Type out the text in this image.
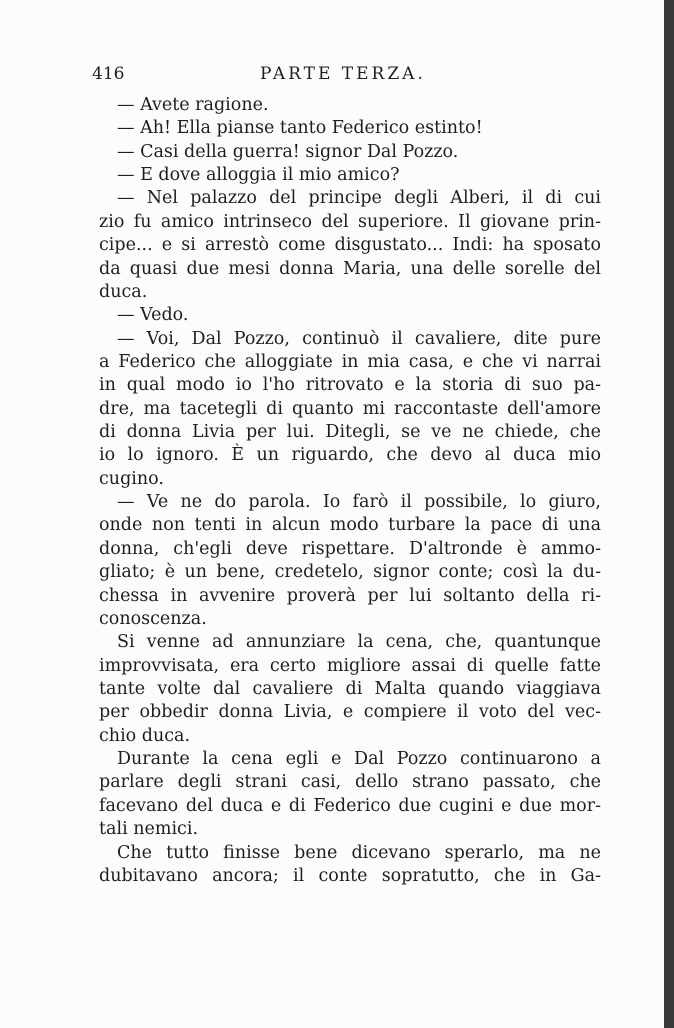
416	PARTE TERZA.
— Avete ragione.
— Ah! Ella pianse tanto Federico estinto!
— Casi della guerra! signor Dal Pozzo.
— E dove alloggia il mio amico?
— Nel palazzo del principe degli Alberi, il di cui
zio fu amico intrinseco del superiore. Il giovane prin-
cipe... e si arrestò come disgustato... Indi: ha sposato
da quasi due mesi donna Maria, una delle sorelle del
duca.
— Vedo.
— Voi, Dal Pozzo, continuò il cavaliere, dite pure
a Federico che alloggiate in mia casa, e che vi narrai
in qual modo io l'ho ritrovato e la storia di suo pa-
dre, ma tacetegli di quanto mi raccontaste dell'amore
di donna Livia per lui. Ditegli, se ve ne chiede, che
io lo ignoro. È un riguardo, che devo al duca mio
cugino.
— Ve ne do parola. Io farò il possibile, lo giuro,
onde non tenti in alcun modo turbare la pace di una
donna, ch'egli deve rispettare. D'altronde è ammo-
gliato; è un bene, credetelo, signor conte; così la du-
chessa in avvenire proverà per lui soltanto della ri-
conoscenza.
Si venne ad annunziare la cena, che, quantunque
improvvisata, era certo migliore assai di quelle fatte
tante volte dal cavaliere di Malta quando viaggiava
per obbedir donna Livia, e compiere il voto del vec-
chio duca.
Durante la cena egli e Dal Pozzo continuarono a
parlare degli strani casi, dello strano passato, che
facevano del duca e di Federico due cugini e due mor-
tali nemici.
Che tutto finisse bene dicevano sperarlo, ma ne
dubitavano ancora; il conte sopratutto, che in Ga-
